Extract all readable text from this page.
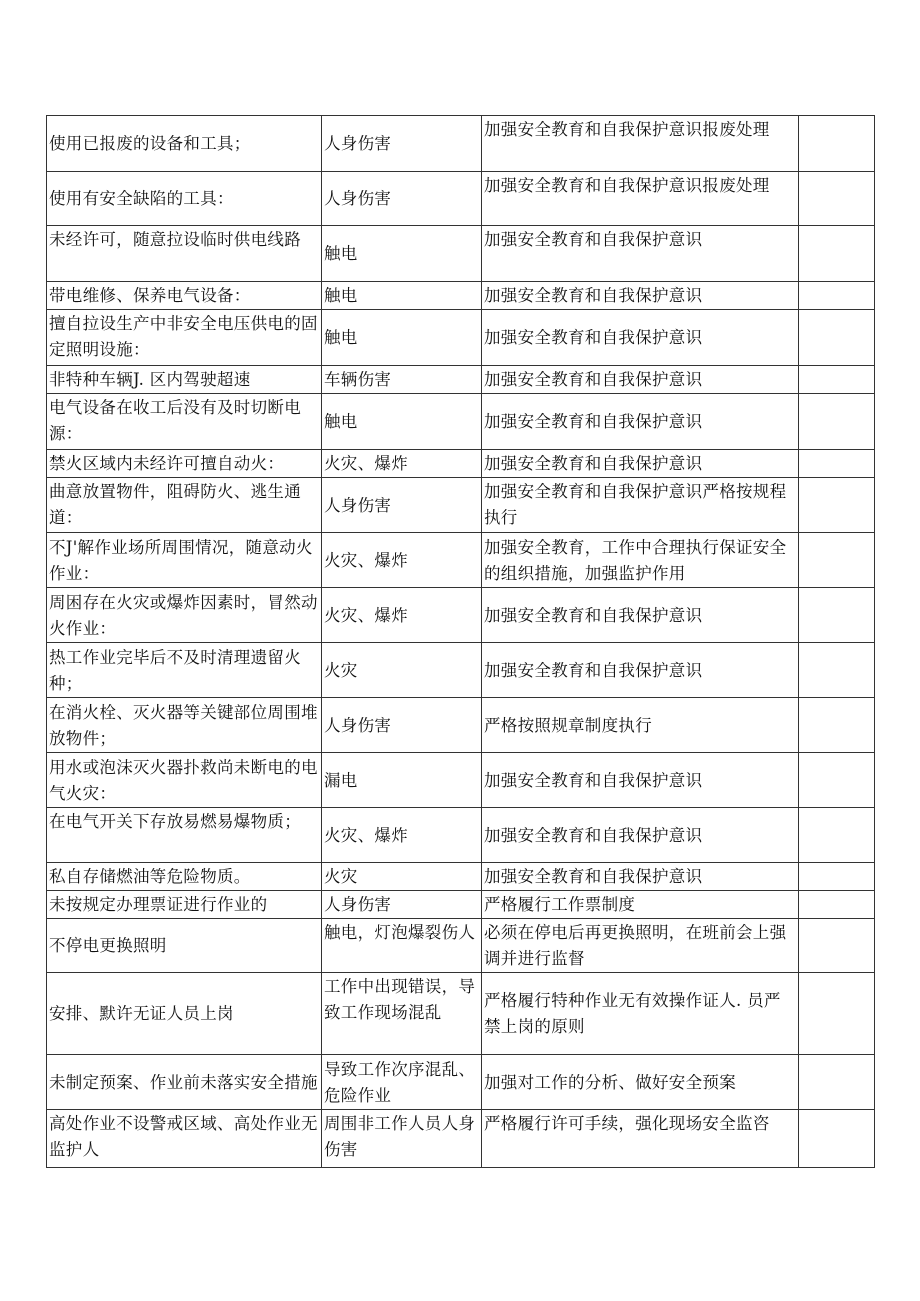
使用已报废的设备和工具；	人身伤害	加强安全教育和自我保护意识报废处理	
使用有安全缺陷的工具：	人身伤害	加强安全教育和自我保护意识报废处理	
未经许可，随意拉设临时供电线路	触电	加强安全教育和自我保护意识	
带电维修、保养电气设备：	触电	加强安全教育和自我保护意识	
擅自拉设生产中非安全电压供电的固定照明设施：	触电	加强安全教育和自我保护意识	
非特种车辆J. 区内驾驶超速	车辆伤害	加强安全教育和自我保护意识	
电气设备在收工后没有及时切断电源：	触电	加强安全教育和自我保护意识	
禁火区域内未经许可擅自动火：	火灾、爆炸	加强安全教育和自我保护意识	
曲意放置物件，阻碍防火、逃生通道：	人身伤害	加强安全教育和自我保护意识严格按规程执行	
不J'解作业场所周围情况，随意动火作业：	火灾、爆炸	加强安全教育，工作中合理执行保证安全的组织措施，加强监护作用	
周困存在火灾或爆炸因素时，冒然动火作业：	火灾、爆炸	加强安全教育和自我保护意识	
热工作业完毕后不及时清理遗留火种；	火灾	加强安全教育和自我保护意识	
在消火栓、灭火器等关键部位周围堆放物件；	人身伤害	严格按照规章制度执行	
用水或泡沫灭火器扑救尚未断电的电气火灾：	漏电	加强安全教育和自我保护意识	
在电气开关下存放易燃易爆物质；	火灾、爆炸	加强安全教育和自我保护意识	
私自存储燃油等危险物质。	火灾	加强安全教育和自我保护意识	
未按规定办理票证进行作业的	人身伤害	严格履行工作票制度	
不停电更换照明	触电，灯泡爆裂伤人	必须在停电后再更换照明，在班前会上强调并进行监督	
安排、默许无证人员上岗	工作中出现错误，导致工作现场混乱	严格履行特种作业无有效操作证人. 员严禁上岗的原则	
未制定预案、作业前未落实安全措施	导致工作次序混乱、危险作业	加强对工作的分析、做好安全预案	
高处作业不设警戒区域、高处作业无监护人	周围非工作人员人身伤害	严格履行许可手续，强化现场安全监咨	
